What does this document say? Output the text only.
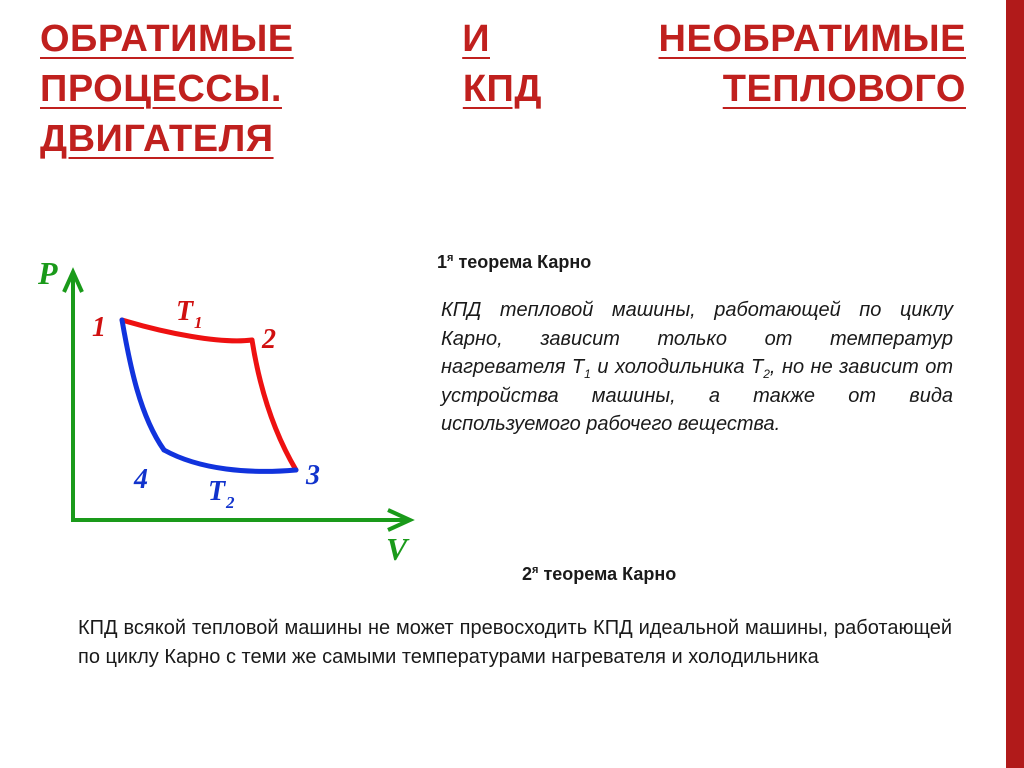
ОБРАТИМЫЕ	И	НЕОБРАТИМЫЕ
ПРОЦЕССЫ.	КПД	ТЕПЛОВОГО
ДВИГАТЕЛЯ
P
V
1	2
3
4
T 1
T 2
$1^я$ теорема Карно
КПД тепловой машины, работающей по циклу Карно, зависит только от температур нагревателя $T_1$ и холодильника $T_2$, но не зависит от устройства машины, а также от вида используемого рабочего вещества.
$2^я$ теорема Карно
КПД всякой тепловой машины не может превосходить КПД идеальной машины, работающей по циклу Карно с теми же самыми температурами нагревателя и холодильника
